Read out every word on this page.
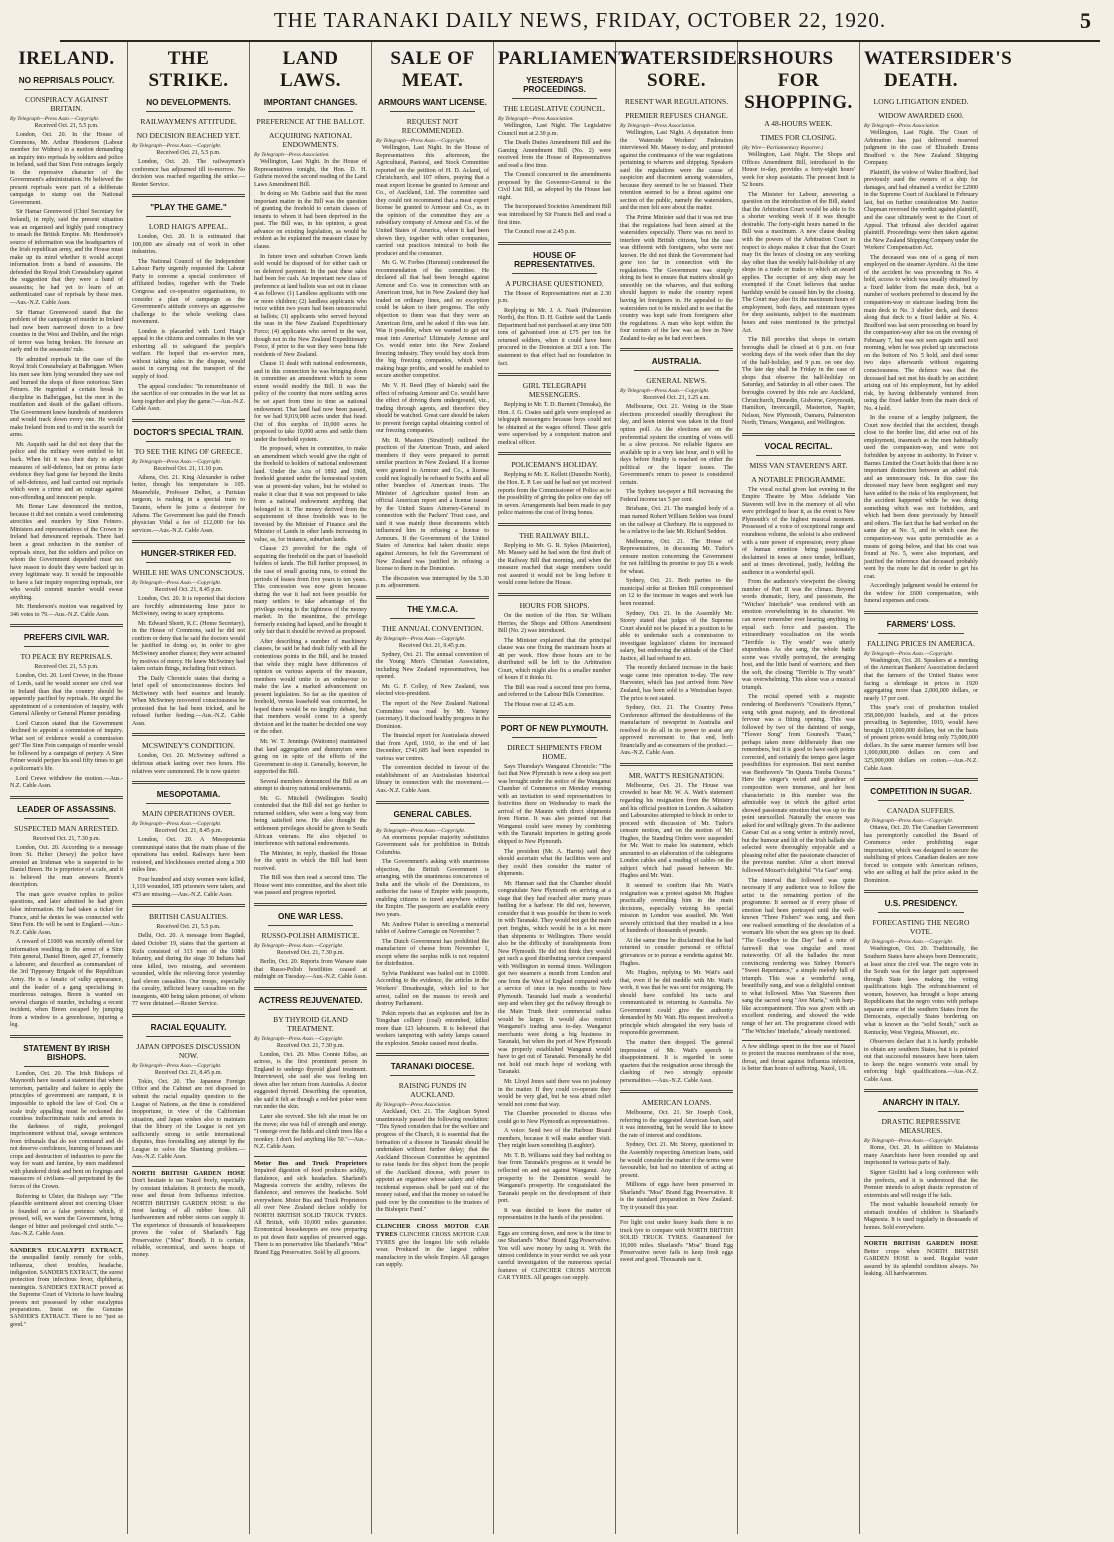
THE TARANAKI DAILY NEWS, FRIDAY, OCTOBER 22, 1920.	5
IRELAND.
NO REPRISALS POLICY.
CONSPIRACY AGAINST BRITAIN.
By Telegraph—Press Assn.—Copyright.
Received Oct. 21, 5.5 p.m.

London, Oct. 20. In the House of Commons, Mr. Arthur Henderson (Labour member for Widnes) in a motion demanding an inquiry into reprisals by soldiers and police in Ireland, said that Sinn Fein outrages largely in the repressive character of the Government's administration. He believed the present reprisals were part of a deliberate campaign to stamp out the National Government.

Sir Hamar Greenwood (Chief Secretary for Ireland), in reply, said the present situation was an organised and highly paid conspiracy to smash the British Empire. Mr. Henderson's source of information was the headquarters of the Irish republican army, and the House must make up its mind whether it would accept information from a band of assassins. He defended the Royal Irish Constabulary against the suggestion that they were a band of assassins; he had yet to learn of an authenticated case of reprisals by these men.—Aus.-N.Z. Cable Assn.

Sir Hamar Greenwood stated that the problem of the campaign of murder in Ireland had now been narrowed down to a few counties in the West and Dublin, and the reign of terror was being broken. He foresaw an early end to the assassins' rule.

He admitted reprisals in the case of the Royal Irish Constabulary at Balbriggan. When his men saw him lying wounded they saw red and burned the shops of three notorious Sinn Feiners. He regretted a certain break in discipline in Balbriggan, but the men in the mutilation and death of the gallant officers. The Government knew hundreds of murderers and would track down every one. He would make Ireland from end to end in the search for arms.

Mr. Asquith said he did not deny that the police and the military were entitled to hit back. When hit it was their duty to adopt measures of self-defence, but on prima facie evidence they had gone far beyond the limits of self-defence, and had carried out reprisals which were a crime and an outrage against non-offending and innocent people.

Mr. Bonar Law denounced the motion, because it did not contain a word condemning atrocities and murders by Sinn Feiners. Ministers and representatives of the Crown in Ireland had denounced reprisals. There had been a great reduction in the number of reprisals since, but the soldiers and police on whom the Government depended must not have reason to doubt they were backed up in every legitimate way. It would be impossible to have a fair inquiry respecting reprisals, nor who would commit murder would swear anything.

Mr. Henderson's motion was negatived by 346 votes to 79.—Aus.-N.Z. Cable Assn.

PREFERS CIVIL WAR.
TO PEACE BY REPRISALS.
Received Oct. 21, 5.5 p.m.

London, Oct. 20. Lord Crewe, in the House of Lords, said he would sooner see civil war in Ireland than that the country should be apparently pacified by reprisals. He urged the appointment of a commission of inquiry, with General Allenby or General Plumer presiding.

Lord Curzon stated that the Government declined to appoint a commission of inquiry. What sort of evidence would a commission get? The Sinn Fein campaign of murder would be followed by a campaign of perjury. A Sinn Feiner would perjure his soul fifty times to get a policeman's life.

Lord Crewe withdrew the motion.—Aus.-N.Z. Cable Assn.

LEADER OF ASSASSINS.
SUSPECTED MAN ARRESTED.
Received Oct. 21, 7.30 p.m.

London, Oct. 20. According to a message from St. Helier (Jersey) the police have arrested an Irishman who is suspected to be Daniel Breen. He is proprietor of a cafe, and it is believed the man answers Breen's description.

The man gave evasive replies to police questions, and later admitted he had given false information. He had taken a ticket for France, and he denies he was connected with Sinn Fein. He will be sent to England.—Aus.-N.Z. Cable Assn.

A reward of £1000 was recently offered for information resulting in the arrest of a Sinn Fein general, Daniel Breen, aged 27, formerly a labourer, and described as commandant of the 3rd Tipperary Brigade of the Republican Army. He is a fanatic of sulky appearance, and the leader of a gang specialising in murderous outrages. Breen is wanted on several charges of murder, including a recent incident, when Breen escaped by jumping from a window to a greenhouse, injuring a leg.

STATEMENT BY IRISH BISHOPS.

London, Oct. 20. The Irish Bishops of Maynooth have issued a statement that where terrorism, partiality and failure to apply the principles of government are rampant, it is impossible to uphold the law of God. On a scale truly appalling must be reckoned the countless indiscriminate raids and arrests in the darkness of night, prolonged imprisonment without trial, savage sentences from tribunals that do not command and do not deserve confidence, burning of houses and crops and destruction of industries to pave the way for want and famine, by men maddened with plundered drink and bent on forgings and massacres of civilians—all perpetrated by the forces of the Crown.

Referring to Ulster, the Bishops say: "The plausible sentiment about not coercing Ulster is founded on a false pretence which, if pressed, will, we warn the Government, bring danger of bitter and prolonged civil strife."—Aus.-N.Z. Cable Assn.

SANDER'S EUCALYPTI EXTRACT, the unequalled family remedy for colds, influenza, chest troubles, headache, indigestion. SANDER'S EXTRACT, the surest protection from infectious fever, diphtheria, meningitis. SANDER'S EXTRACT proved at the Supreme Court of Victoria to have healing powers not possessed by other eucalyptus preparations. Insist on the Genuine SANDER'S EXTRACT. There is no "just as good."
THE STRIKE.
NO DEVELOPMENTS.
RAILWAYMEN'S ATTITUDE.
NO DECISION REACHED YET.
By Telegraph—Press Assn.—Copyright.
Received Oct. 21, 5.5 p.m.

London, Oct. 20. The railwaymen's conference has adjourned till to-morrow. No decision was reached regarding the strike.—Reuter Service.

"PLAY THE GAME."
LORD HAIG'S APPEAL.

London, Oct. 20. It is estimated that 100,000 are already out of work in other industries.

The National Council of the Independent Labour Party urgently requested the Labour Party to convene a special conference of affiliated bodies, together with the Trade Congress and co-operative organisations, to consider a plan of campaign as the Government's attitude conveys an aggressive challenge to the whole working class movement.

London is placarded with Lord Haig's appeal to the citizens and comrades in the war exhorting all to safeguard the people's welfare. He hoped that ex-service men, without taking sides in the dispute, would assist in carrying out the transport of the supply of food.

The appeal concludes: "In remembrance of the sacrifice of our comrades in the war let us keep together and play the game."—Aus.-N.Z. Cable Assn.

DOCTOR'S SPECIAL TRAIN.
TO SEE THE KING OF GREECE.
By Telegraph—Press Assn.—Copyright.
Received Oct. 21, 11.10 p.m.

Athens, Oct. 21. King Alexander is rather better, though his temperature is 105. Meanwhile, Professor Delbet, a Parisian surgeon, is rushing in a special train to Taranto, where he joins a destroyer for Athens. The Government has paid the French physician Vidal a fee of £12,000 for his services.—Aus.-N.Z. Cable Assn.

HUNGER-STRIKER FED.
WHILE HE WAS UNCONSCIOUS.
By Telegraph—Press Assn.—Copyright.
Received Oct. 21, 8.45 p.m.

London, Oct. 20. It is reported that doctors are forcibly administering lime juice to McSwiney, owing to scary symptoms.

Mr. Edward Shortt, K.C. (Home Secretary), in the House of Commons, said he did not confirm or deny that he said the doctors would be justified in doing so, in order to give McSwiney another chance; they were actuated by motives of mercy. He knew McSwiney had taken certain things, including fruit extract.

The Daily Chronicle states that during a brief spell of unconsciousness doctors fed McSwiney with beef essence and brandy. When McSwiney recovered consciousness he protested that he had been tricked, and he refused further feeding.—Aus.-N.Z. Cable Assn.

MCSWINEY'S CONDITION.

London, Oct. 20. McSwiney suffered a delirious attack lasting over two hours. His relatives were summoned. He is now quieter.

MESOPOTAMIA.
MAIN OPERATIONS OVER.
By Telegraph—Press Assn.—Copyright.
Received Oct. 21, 8.45 p.m.

London, Oct. 20. A Mesopotamia communiqué states that the main phase of the operations has ended. Railways have been restored, and blockhouses erected along a 300 miles line.

Four hundred and sixty women were killed, 1,119 wounded, 185 prisoners were taken, and 473 are missing.—Aus.-N.Z. Cable Assn.

BRITISH CASUALTIES.
Received Oct. 21, 5.5 p.m.

Delhi, Oct. 20. A message from Bagdad, dated October 19, states that the garrison at Kufa consisted of 313 men of the 108th Infantry, and during the siege 30 Indians had nine killed, two missing, and seventeen wounded, while the relieving force yesterday had eleven casualties. Our troops, especially the cavalry, inflicted heavy casualties on the insurgents, 400 being taken prisoner, of whom 77 were detained.—Reuter Service.

RACIAL EQUALITY.
JAPAN OPPOSES DISCUSSION NOW.
By Telegraph—Press Assn.—Copyright.
Received Oct. 21, 8.45 p.m.

Tokio, Oct. 20. The Japanese Foreign Office and the Cabinet are not disposed to submit the racial equality question to the League of Nations, as the time is considered inopportune, in view of the Californian situation, and Japan wishes also to maintain that the library of the League is not yet sufficiently strong to settle international disputes, thus forestalling any attempt by the League to solve the Shantung problem.—Aus.-N.Z. Cable Assn.

NORTH BRITISH GARDEN HOSE Don't hesitate to use Nazol freely, especially by constant inhalation. It protects the mouth, nose and throat from Influenza infection. NORTH BRITISH GARDEN HOSE is the most lasting of all rubber hose. All hardwaremen and rubber stores can supply it. The experience of thousands of housekeepers proves the value of Sharland's Egg Preservative ("Moa" Brand). It is certain, reliable, economical, and saves heaps of money.
LAND LAWS.
IMPORTANT CHANGES.
PREFERENCE AT THE BALLOT.
ACQUIRING NATIONAL ENDOWMENTS.
By Telegraph—Press Association.

Wellington, Last Night. In the House of Representatives tonight, the Hon. D. H. Guthrie moved the second reading of the Land Laws Amendment Bill.

In doing so Mr. Guthrie said that the most important matter in the Bill was the question of granting the freehold to certain classes of tenants to whom it had been deprived in the past. The Bill was, in his opinion, a great advance on existing legislation, as would be evident as he explained the measure clause by clause.

In future town and suburban Crown lands sold would be disposed of for either cash or on deferred payment. In the past these sales had been for cash. An important new class of preference at land ballots was set out in clause 4 as follows: (1) Landless applicants with one or more children; (2) landless applicants who twice within two years had been unsuccessful at ballots; (3) applicants who served beyond the seas in the New Zealand Expeditionary Force; (4) applicants who served in the war, though not in the New Zealand Expeditionary Force, if prior to the war they were bona fide residents of New Zealand.

Clause 11 dealt with national endowments, and in this connection he was bringing down in committee an amendment which to some extent would modify the Bill. It was the policy of the country that more settling acres be set apart from time to time as national endowment. That land had now been passed, for we had 9,019,000 acres under that head. Out of this surplus of 10,000 acres he proposed to take 10,000 acres and settle them under the freehold system.

He proposed, when in committee, to make an amendment which would give the right of the freehold to holders of national endowment land. Under the Acts of 1892 and 1908, freehold granted under the homestead system was at present-day values, but he wished to make it clear that it was not proposed to take from a national endowment anything that belonged to it. The money derived from the acquirement of these freeholds was to be invested by the Minister of Finance and the Minister of Lands in other lands increasing in value, as, for instance, suburban lands.

Clause 23 provided for the right of acquiring the freehold on the part of leasehold holders of lands. The Bill further proposed, in the case of small grazing runs, to extend the periods of leases from five years to ten years. This concession was now given because during the war it had not been possible for many settlers to take advantage of the privilege owing to the tightness of the money market. In the meantime, the privilege formerly existing had lapsed, and he thought it only fair that it should be revived as proposed.

After describing a number of machinery clauses, he said he had dealt fully with all the contentious points in the Bill, and he trusted that while they might have differences of opinion on various aspects of the measure, members would unite in an endeavour to make the law a marked advancement on present legislation. So far as the question of freehold, versus leasehold was concerned, he hoped there would be no lengthy debate, but that members would come to a speedy division and let the matter be decided one way or the other.

Mr. W. T. Jennings (Waitomo) maintained that land aggregation and dummyism were going on in spite of the efforts of the Government to stop it. Generally, however, he supported the Bill.

Several members denounced the Bill as an attempt to destroy national endowments.

Mr. G. Mitchell (Wellington South) contended that the Bill did not go further to returned soldiers, who were a long way from being satisfied now. He also thought the settlement privileges should be given to South African veterans. He also objected to interference with national endowments.

The Minister, in reply, thanked the House for the spirit in which the Bill had been received.

The Bill was then read a second time. The House went into committee, and the short title was passed and progress reported.

ONE WAR LESS.
RUSSO-POLISH ARMISTICE.
By Telegraph—Press Assn.—Copyright.
Received Oct. 21, 7.30 p.m.

Berlin, Oct. 20. Reports from Warsaw state that Russo-Polish hostilities ceased at midnight on Tuesday.—Aus.-N.Z. Cable Assn.

ACTRESS REJUVENATED.
BY THYROID GLAND TREATMENT.
By Telegraph—Press Assn.—Copyright.
Received Oct. 21, 7.30 p.m.

London, Oct. 20. Miss Connie Ediss, an actress, is the first prominent person in England to undergo thyroid gland treatment. Interviewed, she said she was feeling ten down after her return from Australia. A doctor suggested thyroid. Describing the operation, she said it felt as though a red-hot poker were run under the skin.

Later she revived. She felt she must be on the move; she was full of strength and energy. "I emerge over the fields and climb trees like a monkey. I don't feel anything like 50."—Aus.-N.Z. Cable Assn.

Motor Bus and Truck Proprietors Impaired digestion of food produces acidity, flatulence, and sick headaches. Sharland's Magnesia corrects the acidity, relieves the flatulence, and removes the headache. Sold everywhere. Motor Bus and Truck Proprietors all over New Zealand declare solidly for NORTH BRITISH SOLID TRUCK TYRES. All British, with 10,000 miles guarantee. Economical housekeepers are now preparing to put down their supplies of preserved eggs. There is no preservative like Sharland's "Moa" Brand Egg Preservative. Sold by all grocers.
SALE OF MEAT.
ARMOURS WANT LICENSE.
REQUEST NOT RECOMMENDED.
By Telegraph—Press Assn.—Copyright.

Wellington, Last Night. In the House of Representatives this afternoon, the Agricultural, Pastoral, and Stock Committee reported on the petition of H. D. Acland, of Christchurch, and 107 others, praying that a meat export license be granted to Armour and Co., of Auckland, Ltd. The committee said they could not recommend that a meat export license be granted to Armour and Co., as in the opinion of the committee they are a subsidiary company of Armour and Co. of the United States of America, where it had been shown they, together with other companies, carried out practices inimical to both the producer and the consumer.

Mr. G. W. Forbes (Hurunui) condemned the recommendation of the committee. He declared all that had been brought against Armour and Co. was in connection with an American trust, but in New Zealand they had traded on ordinary lines, and no exception could be taken to their progress. The only objection to them was that they were an American firm, and he asked if this was fair. Was it possible, when we wanted to get our meat into America? Ultimately Armour and Co. would enter into the New Zealand freezing industry. They would buy stock from the big freezing companies, which were making huge profits, and would be enabled to secure another competitor.

Mr. V. H. Reed (Bay of Islands) said the effect of refusing Armour and Co. would have the effect of driving them underground, viz., trading through agents, and therefore they should be watched. Great care should be taken to prevent foreign capital obtaining control of our freezing companies.

Mr. R. Masters (Stratford) outlined the practices of the American Trusts, and asked members if they were prepared to permit similar practices in New Zealand. If a license were granted to Armour and Co., a license could not logically be refused to Swifts and all other branches of American trusts. The Minister of Agriculture quoted from an official American report and a license issued by the United States Attorney-General in connection with the Packers' Trust case, and said it was mainly these documents which influenced him in refusing a license to Armours. If the Government of the United States of America had taken drastic steps against Armours, he felt the Government of New Zealand was justified in refusing a license to them in the Dominion.

The discussion was interrupted by the 5.30 p.m. adjournment.

THE Y.M.C.A.
THE ANNUAL CONVENTION.
By Telegraph—Press Assn.—Copyright.
Received Oct. 21, 9.45 p.m.

Sydney, Oct. 21. The annual convention of the Young Men's Christian Association, including New Zealand representatives, has opened.

Mr. G. F. Colley, of New Zealand, was elected vice-president.

The report of the New Zealand National Committee was read by Mr. Varney (secretary). It disclosed healthy progress in the Dominion.

The financial report for Australasia showed that from April, 1910, to the end of last December, £741,685 had been expended in various war centres.

The convention decided in favour of the establishment of an Australasian historical library in connection with the movement.—Aus.-N.Z. Cable Assn.

GENERAL CABLES.
By Telegraph—Press Assn.—Copyright.

An enormous popular majority substitutes Government sale for prohibition in British Columbia.

The Government's asking with unanimous objection, the British Government is arranging, with the unanimous concurrence of India and the whole of the Dominions, to authorise the issue of Empire wide passports, enabling citizens to travel anywhere within the Empire. The passports are available every two years.

Mr. Andrew Fisher is unveiling a memorial tablet of Andrew Carnegie on November 7.

The Dutch Government has prohibited the manufacture of cheese from November 1, except where the surplus milk is not required for distribution.

Sylvia Pankhurst was bailed out in £1000. According to the evidence, the articles in the Workers' Dreadnought, which led to her arrest, called on the masses to revolt and destroy Parliament.

Pekin reports that an explosion and fire in Tongshan colliery (coal) entombed, killed more than 123 labourers. It is believed that workers tampering with safety lamps caused the explosion. Smoke caused most deaths.

TARANAKI DIOCESE.
RAISING FUNDS IN AUCKLAND.
By Telegraph—Press Association.

Auckland, Oct. 21. The Anglican Synod unanimously passed the following resolution: "This Synod considers that for the welfare and progress of the Church, it is essential that the formation of a diocese in Taranaki should be undertaken without further delay; that the Auckland Diocesan Committee be appointed to raise funds for this object from the people of the Auckland diocese, with power to appoint an organiser whose salary and other incidental expenses shall be paid out of the money raised, and that the money so raised be paid over by the committee to the trustees of the Bishopric Fund."

CLINCHER CROSS MOTOR CAR TYRES CLINCHER CROSS MOTOR CAR TYRES give the longest life with reliable wear. Produced in the largest rubber manufactory in the whole Empire. All garages can supply.
PARLIAMENT.
YESTERDAY'S PROCEEDINGS.
THE LEGISLATIVE COUNCIL.
By Telegraph—Press Association.

Wellington, Last Night. The Legislative Council met at 2.30 p.m.

The Death Duties Amendment Bill and the Gaming Amendment Bill (No. 2) were received from the House of Representatives and read a first time.

The Council concurred in the amendments proposed by the Governor-General to the Civil List Bill, as adopted by the House last night.

The Incorporated Societies Amendment Bill was introduced by Sir Francis Bell and read a first time.

The Council rose at 2.45 p.m.

HOUSE OF REPRESENTATIVES.
A PURCHASE QUESTIONED.

The House of Representatives met at 2.30 p.m.

Replying to Mr. J. A. Nash (Palmerston North), the Hon. D. H. Guthrie said the Lands Department had not purchased at any time 500 tons of galvanised iron at £75 per ton for returned soldiers, when it could have been procured in the Dominion at £63 a ton. The statement to that effect had no foundation in fact.

GIRL TELEGRAPH MESSENGERS.

Replying to Mr. T. D. Burnett (Temuka), the Hon. J. G. Coates said girls were employed as telegraph messengers because boys could not be obtained at the wages offered. These girls were supervised by a competent matron and medical officer.

POLICEMAN'S HOLIDAY.

Replying to Mr. E. Kellett (Dunedin North), the Hon. E. P. Lee said he had not yet received reports from the Commissioner of Police as to the possibility of giving the police one day off in seven. Arrangements had been made to pay police matrons the cost of living bonus.

THE RAILWAY BILL.

Replying to Mr. G. R. Sykes (Masterton), Mr. Massey said he had seen the first draft of the Railway Bill that morning, and when the measure reached that stage members could rest assured it would not be long before it would come before the House.

HOURS FOR SHOPS.

On the motion of the Hon. Sir William Herries, the Shops and Offices Amendment Bill (No. 2) was introduced.

The Minister explained that the principal clause was one fixing the maximum hours at 48 per week. How those hours are to be distributed will be left to the Arbitration Court, which might also fix a smaller number of hours if it thinks fit.

The Bill was read a second time pro forma, and referred to the Labour Bills Committee.

The House rose at 12.45 a.m.

PORT OF NEW PLYMOUTH.
DIRECT SHIPMENTS FROM HOME.

Says Thursday's Wanganui Chronicle: "The fact that New Plymouth is now a deep sea port was brought under the notice of the Wanganui Chamber of Commerce on Monday evening with an invitation to send representatives to festivities there on Wednesday to mark the arrival of the Maunie with direct shipments from Home. It was also pointed out that Wanganui could save money by combining with the Taranaki importers in getting goods shipped to New Plymouth.

The president (Mr. A. Harris) said they should ascertain what the facilities were and they could then consider the matter of shipments.

Mr. Hannan said that the Chamber should congratulate New Plymouth on arriving at a stage that they had reached after many years battling for a harbour. He did not, however, consider that it was possible for them to work in with Taranaki. They would not get the main port freights, which would be in a lot more than shipments to Wellington. There would also be the difficulty of transhipments from New Plymouth. He did not think they would get such a good distributing service compared with Wellington in normal times. Wellington got two steamers a month from London and one from the West of England compared with a service of once in two months to New Plymouth. Taranaki had made a wonderful step and when they got the railway through to the Main Trunk their commercial radius would be larger. It would also restrict Wanganui's trading area to-day. Wanganui merchants were doing a big business in Taranaki, but when the port of New Plymouth was properly established Wanganui would have to get out of Taranaki. Personally he did not hold out much hope of working with Taranaki.

Mr. Lloyd Jones said there was no jealousy in the matter. If they could co-operate they would be very glad, but he was afraid relief would not come that way.

The Chamber proceeded to discuss who could go to New Plymouth as representatives.

A voice: Send two of the Harbour Board members, because it will make another visit. They might learn something (Laughter).

Mr. T. B. Williams said they had nothing to fear from Taranaki's progress as it would be reflected on and not against Wanganui. Any prosperity to the Dominion would be Wanganui's prosperity. He congratulated the Taranaki people on the development of their port.

It was decided to leave the matter of representation in the hands of the president.

Eggs are coming down, and now is the time to use Sharland's "Moa" Brand Egg Preservative. You will save money by using it. With the utmost confidence in your verdict we ask your careful investigation of the numerous special features of CLINCHER CROSS MOTOR CAR TYRES. All garages can supply.
WATERSIDERS SORE.
RESENT WAR REGULATIONS.
PREMIER REFUSES CHANGE.
By Telegraph—Press Association.

Wellington, Last Night. A deputation from the Waterside Workers' Federation interviewed Mr. Massey to-day, and protested against the continuance of the war regulations pertaining to wharves and shipping. Speakers said the regulations were the cause of suspicion and discontent among watersiders, because they seemed to be so biassed. Their retention seemed to be a threat against one section of the public, namely the watersiders, and the men felt sore about the matter.

The Prime Minister said that it was not true that the regulations had been aimed at the watersiders especially. There was no need to interfere with British citizens, but the case was different with foreigners, who were not known. He did not think the Government had gone too far in connection with the regulations. The Government was simply doing its best to ensure that matters should go smoothly on the wharves, and that nothing should happen to make the country repent having let foreigners in. He appealed to the watersiders not to be misled and to see that the country was kept safe from foreigners after the regulations. A man who kept within the four corners of the law was as free in New Zealand to-day as he had ever been.

AUSTRALIA.
GENERAL NEWS.
By Telegraph—Press Assn.—Copyright.
Received Oct. 21, 1.25 a.m.

Melbourne, Oct. 21. Voting in the State elections proceeded steadily throughout the day, and keen interest was taken in the fixed option poll. As the elections are on the preferential system the counting of votes will be a slow process. No reliable figures are available up to a very late hour, and it will be days before finality is reached on either the political or the liquor issues. The Government's return to power is considered certain.

The Sydney tax-payer a Bill increasing the Federal income tax 5 per cent.

Brisbane, Oct. 21. The mangled body of a man named Robert William Seldon was found on the railway at Cherbury. He is supposed to be a relative to the late Mr. Richard Seddon.

Melbourne, Oct. 21. The House of Representatives, in discussing Mr. Tudor's censure motion concerning the Government for not fulfilling its promise to pay £6 a week for wheat.

Sydney, Oct. 21. Both parties to the municipal strike at Broken Hill compromised on 12 to the increase in wages and work has been resumed.

Sydney, Oct. 21. In the Assembly Mr. Storey stated that judges of the Supreme Court should not be placed in a position to be able to undertake such a commission to investigate legislators' claims for increased salary, but endorsing the attitude of the Chief Justice, all had refused to act.

The recently declared increase in the basic wage came into operation to-day. The new Harvester, which has just arrived from New Zealand, has been sold to a Westralian buyer. The price is not stated.

Sydney, Oct. 21. The Country Press Conference affirmed the desirableness of the manufacture of newsprint in Australia and resolved to do all in its power to assist any approved movement to that end, both financially and as consumers of the product.—Aus.-N.Z. Cable Assn.

MR. WATT'S RESIGNATION.

Melbourne, Oct. 21. The House was crowded to hear Mr. W. A. Watt's statement regarding his resignation from the Ministry and his official position in London. A saltation and Laboursites attempted to block in order to proceed with discussion of Mr. Tudor's censure motion, and on the motion of Mr. Hughes, the Standing Orders were suspended for Mr. Watt to make his statement, which amounted to an elaboration of the cablegrams London cables and a reading of cables on the subject which had passed between Mr. Hughes and Mr. Watt.

It seemed to confirm that Mr. Watt's resignation was a protest against Mr. Hughes practically overruling him in the main decisions, especially vetoing his special mission in London was assailed. Mr. Watt severely criticised that they resulted in a loss of hundreds of thousands of pounds.

At the same time he disclaimed that he had returned to consider personal or official grievances or to pursue a vendetta against Mr. Hughes.

Mr. Hughes, replying to Mr. Watt's said that, even if he did meddle with Mr. Watt's work, it was that he was sent for resigning. He should have confided his tacts and communicated in returning to Australia. No Government could give the authority demanded by Mr. Watt. His request involved a principle which abrogated the very basis of responsible government.

The matter then dropped. The general impression of Mr. Watt's speech is disappointment. It is regarded in some quarters that the resignation arose through the clashing of two strongly opposite personalities.—Aus.-N.Z. Cable Assn.

AMERICAN LOANS.

Melbourne, Oct. 21. Sir Joseph Cook, referring to the suggested American loan, said it was interesting, but he would like to know the rate of interest and conditions.

Sydney, Oct. 21. Mr. Storey, questioned in the Assembly respecting American loans, said he would consider the matter if the terms were favourable, but had no intention of acting at present.

Millions of eggs have been preserved in Sharland's "Moa" Brand Egg Preservative. It is the standard preparation in New Zealand. Try it yourself this year.

For light cost under heavy loads there is no truck tyre to compare with NORTH BRITISH SOLID TRUCK TYRES. Guaranteed for 10,000 miles. Sharland's "Moa" Brand Egg Preservative never fails to keep fresh eggs sweet and good. Thousands use it.
HOURS FOR SHOPPING.
A 48-HOURS WEEK.
TIMES FOR CLOSING.
(By Wire—Parliamentary Reporter.)

Wellington, Last Night. The Shops and Offices Amendment Bill, introduced in the House to-day, provides a forty-eight hours' week for shop assistants. The present limit is 52 hours.

The Minister for Labour, answering a question on the introduction of the Bill, stated that the Arbitration Court would be able to fix a shorter working week if it was thought desirable. The forty-eight hours named in the Bill was a maximum. A new clause dealing with the powers of the Arbitration Court in respect to shops makes it clear that the Court may fix the hours of closing on any working day other than the weekly half-holiday of any shops in a trade or trades to which an award applies. The occupier of any shop may be exempted if the Court believes that undue hardship would be caused him by the closing. The Court may also fix the maximum hours of employment, both days, and minimum types for shop assistants, subject to the maximum hours and rates mentioned in the principal Act.

The Bill provides that shops in certain boroughs shall be closed at 6 p.m. on four working days of the week other than the day of the half-holiday, and 9 p.m. on one day. The late day shall be Friday in the case of shops that observe the half-holiday on Saturday, and Saturday in all other cases. The boroughs covered by this rule are Auckland, Christchurch, Dunedin, Gisborne, Greymouth, Hamilton, Invercargill, Masterton, Napier, Nelson, New Plymouth, Oamaru, Palmerston North, Timaru, Wanganui, and Wellington.

VOCAL RECITAL.
MISS VAN STAVEREN'S ART.
A NOTABLE PROGRAMME.

The vocal recital given last evening in the Empire Theatre by Miss Adelaide Van Staveren will live in the memory of all who were privileged to hear it, as the event is New Plymouth's of the highest musical moment. Possessed of a voice of exceptional range and roundness volume, the soloist is also endowed with a rare power of expression, every phase of human emotion being passionately declaimed in tones at once tender, brilliant, and at times devotional, justly, holding the audience in a wonderful spell.

From the audience's viewpoint the closing number of Part II was the climax. Beyond words dramatic, fiery, and passionate, the "Witches' Interlude" was rendered with an emotion overwhelming in its character. We can never remember ever hearing anything to equal such force and passion. The extraordinary vocalisation on the words "Terrible is Thy wrath" was utterly stupendous. As she sang, the whole battle scene was vividly portrayed, the avenging host, and the little band of warriors; and then the soft, the closing "Terrible is Thy wrath" was overwhelming. This alone was a musical triumph.

The recital opened with a majestic rendering of Beethoven's "Creation's Hymn," sung with great majesty, and its devotional fervour was a fitting opening. This was followed by two of the daintiest of songs, "Flower Song" from Gounod's "Faust," perhaps taken more deliberately than one remembers, but it is good to have such points corrected, and certainly the tempo gave larger possibilities for expression. But next number was Beethoven's "In Questa Tomba Oscura." Here the singer's weird and grandeur of composition were immense, and her best characteristic in this number was the admirable way in which the gifted artist showed passionate emotion that was up to the point unexcelled. Naturally the encore was asked for and willingly given. To the audience Caesar Cui as a song writer is entirely novel, but the humour and lilt of the Irish ballade she selected were thoroughly enjoyable and a pleasing relief after the passionate character of the previous number. After a short interval followed Mozart's delightful "Via Gast" song.

The interval that followed was quite necessary if any audience was to follow the artist in the remaining portion of the programme. It seemed as if every phase of emotion had been portrayed until the well-known "Three Fishers" was sung, and then one realised something of the desolation of a woman's life when the sea gives up its dead. "The Goodbye to the Day" had a note of farewell that was singular and most noteworthy. Of all the ballades the most convincing rendering was Sidney Homer's "Sweet Repentance," a simple melody full of triumph. This was a wonderful song, beautifully sung, and was a delightful contrast to what followed. Miss Van Staveren then sang the sacred song "Ave Maria," with harp-like accompaniment. This was given with an excellent rendering, and showed the wide range of her art. The programme closed with "The Witches' Interlude," already mentioned.

A few shillings spent in the free use of Nazol to protect the mucous membranes of the nose, throat, and throat against Influenza infection, is better than hours of suffering. Nazol, 1/6.
WATERSIDER'S DEATH.
LONG LITIGATION ENDED.
WIDOW AWARDED £600.
By Telegraph—Press Association.

Wellington, Last Night. The Court of Arbitration has just delivered reserved judgment in the case of Elizabeth Emma Bradford v. the New Zealand Shipping Company.

Plaintiff, the widow of Walter Bradford, had previously sued the owners of a ship for damages, and had obtained a verdict for £2900 in the Supreme Court of Auckland in February last, but on further consideration Mr. Justice Chapman reversed the verdict against plaintiff, and the case ultimately went to the Court of Appeal. That tribunal also decided against plaintiff. Proceedings were then taken against the New Zealand Shipping Company under the Workers' Compensation Act.

The deceased was one of a gang of men employed on the steamer Ayrshire. At the time of the accident he was proceeding in No. 4 hold, access to which was usually obtained by a fixed ladder from the main deck, but a number of workers preferred to descend by the companion-way or staircase leading from the main deck to No. 3 shelter deck, and thence along that deck to a fixed ladder at No. 4. Bradford was last seen proceeding on board by the companion-way after tea on the evening of February 7, but was not seen again until next morning, when he was picked up unconscious on the bottom of No. 5 hold, and died some two days afterwards without regaining consciousness. The defence was that the deceased had not met his death by an accident arising out of his employment, but by added risk, by having deliberately ventured from using the fixed ladder from the main deck of No. 4 hold.

In the course of a lengthy judgment, the Court now decided that the accident, though close to the border line, did arise out of his employment, inasmuch as the men habitually used the companion-way, and were not forbidden by anyone in authority. In Feiner v. Barnes Limited the Court holds that there is no important distinction between an added risk and an unnecessary risk. In this case the deceased may have been negligent and may have added to the risks of his employment, but the accident happened while he was doing something which was not forbidden, and which had been done previously by himself and others. The fact that he had worked on the same day at No. 5, and in which case the companion-way was quite permissible as a means of going below, and that his coat was found at No. 5, were also important, and justified the inference that deceased probably went by the route he did in order to get his coat.

Accordingly judgment would be entered for the widow for £600 compensation, with funeral expenses and costs.

FARMERS' LOSS.
FALLING PRICES IN AMERICA.
By Telegraph—Press Assn.—Copyright.

Washington, Oct. 20. Speakers at a meeting of the American Bankers' Association declared that the farmers of the United States were facing a shrinkage in prices in 1920 aggregating more than 2,000,000 dollars, or nearly 17 per cent.

This year's cost of production totalled 358,000,000 bushels, and at the prices prevailing in September, 1919, would have brought 113,000,000 dollars, but on the basis of present prices would bring only 73,000,000 dollars. In the same manner farmers will lose 1,000,000,000 dollars on corn and 325,000,000 dollars on cotton.—Aus.-N.Z. Cable Assn.

COMPETITION IN SUGAR.
CANADA SUFFERS.
By Telegraph—Press Assn.—Copyright.

Ottawa, Oct. 20. The Canadian Government has peremptorily cancelled the Board of Commerce order prohibiting sugar importation, which was designed to secure the stabilising of prices. Canadian dealers are now forced to compete with American refiners, who are selling at half the price asked in the Dominion.

U.S. PRESIDENCY.
FORECASTING THE NEGRO VOTE.
By Telegraph—Press Assn.—Copyright.

Washington, Oct. 20. Traditionally, the Southern States have always been Democratic, at least since the civil war. The negro vote in the South was for the larger part suppressed through State laws making the voting qualifications high. The enfranchisement of women, however, has brought a hope among Republicans that the negro votes with perhaps separate some of the southern States from the Democrats, especially States bordering on what is known as the "solid South," such as Kentucky, West Virginia, Missouri, etc.

Observers declare that it is hardly probable to obtain any southern States, but it is pointed out that successful measures have been taken to keep the negro women's vote small by enforcing high qualifications.—Aus.-N.Z. Cable Assn.

ANARCHY IN ITALY.
DRASTIC REPRESSIVE MEASURES.
By Telegraph—Press Assn.—Copyright.

Rome, Oct. 20. In addition to Malatesta many Anarchists have been rounded up and imprisoned in various parts of Italy.

Signor Giolitti had a long conference with the prefects, and it is understood that the Premier intends to adopt drastic repression of extremists and will resign if he fails.

The most valuable household remedy for stomach troubles of children is Sharland's Magnesia. It is used regularly in thousands of homes. Sold everywhere.

NORTH BRITISH GARDEN HOSE Better crops when NORTH BRITISH GARDEN HOSE is used. Regular water assured by its splendid condition always. No leaking. All hardwaremen.
